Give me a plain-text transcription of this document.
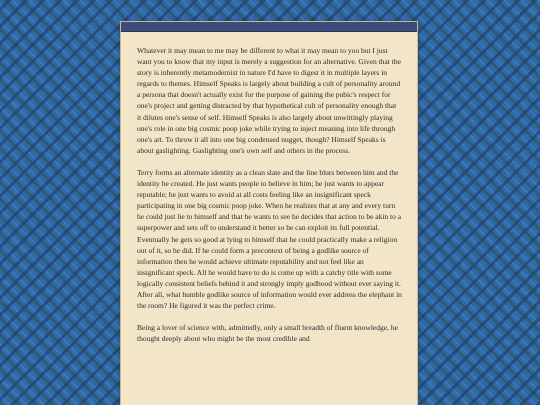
Whatever it may mean to me may be different to what it may mean to you but I just want you to know that my input is merely a suggestion for an alternative. Given that the story is inherently metamodernist in nature I'd have to digest it in multiple layers in regards to themes. Himself Speaks is largely about building a cult of personality around a persona that doesn't actually exist for the purpose of gaining the pubic's respect for one's project and getting distracted by that hypothetical cult of personality enough that it dilutes one's sense of self. Himself Speaks is also largely about unwittingly playing one's role in one big cosmic poop joke while trying to inject meaning into life through one's art. To throw it all into one big condensed nugget, though? Himself Speaks is about gaslighting. Gaslighting one's own self and others in the process.

Terry forms an alternate identity as a clean slate and the line blurs between him and the identity he created. He just wants people to believe in him; he just wants to appear reputable; he just wants to avoid at all costs feeling like an insignificant speck participating in one big cosmic poop joke. When he realizes that at any and every turn he could just lie to himself and that he wants to see he decides that action to be akin to a superpower and sets off to understand it better so he can exploit its full potential. Eventually he gets so good at lying to himself that he could practically make a religion out of it, so he did. If he could form a precontext of being a godlike source of information then he would achieve ultimate reputability and not feel like an insignificant speck. All he would have to do is come up with a catchy title with some logically consistent beliefs behind it and strongly imply godhood without ever saying it. After all, what humble godlike source of information would ever address the elephant in the room? He figured it was the perfect crime.

Being a lover of science with, admittedly, only a small breadth of fluent knowledge, he thought deeply about who might be the most credible and
